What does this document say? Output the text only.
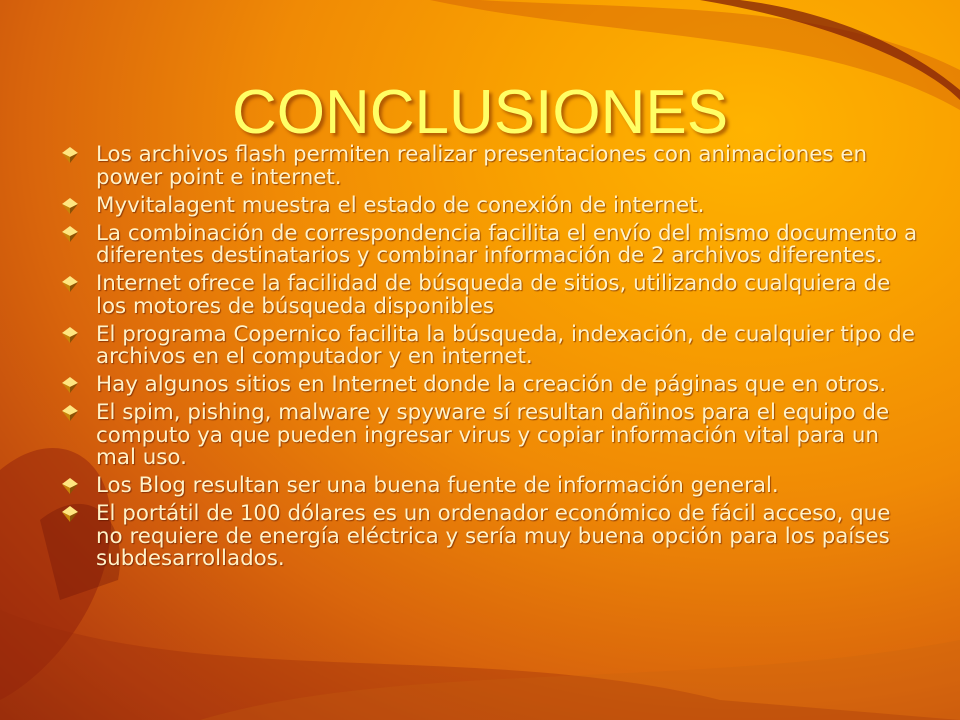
CONCLUSIONES
Los archivos flash permiten realizar presentaciones con animaciones en power point e internet.
Myvitalagent muestra el estado de conexión de internet.
La combinación de correspondencia facilita el envío del mismo documento a diferentes destinatarios y combinar información de 2 archivos diferentes.
Internet ofrece la facilidad de búsqueda de sitios, utilizando cualquiera de los motores de búsqueda disponibles
El programa Copernico facilita la búsqueda, indexación, de cualquier tipo de archivos en el computador y en internet.
Hay algunos sitios en Internet donde la creación de páginas que en otros.
El spim, pishing, malware y spyware sí resultan dañinos para el equipo de computo ya que pueden ingresar virus y copiar información vital para un mal uso.
Los Blog resultan ser una buena fuente de información general.
El portátil de 100 dólares es un ordenador económico de fácil acceso, que no requiere de energía eléctrica y sería muy buena opción para los países subdesarrollados.
